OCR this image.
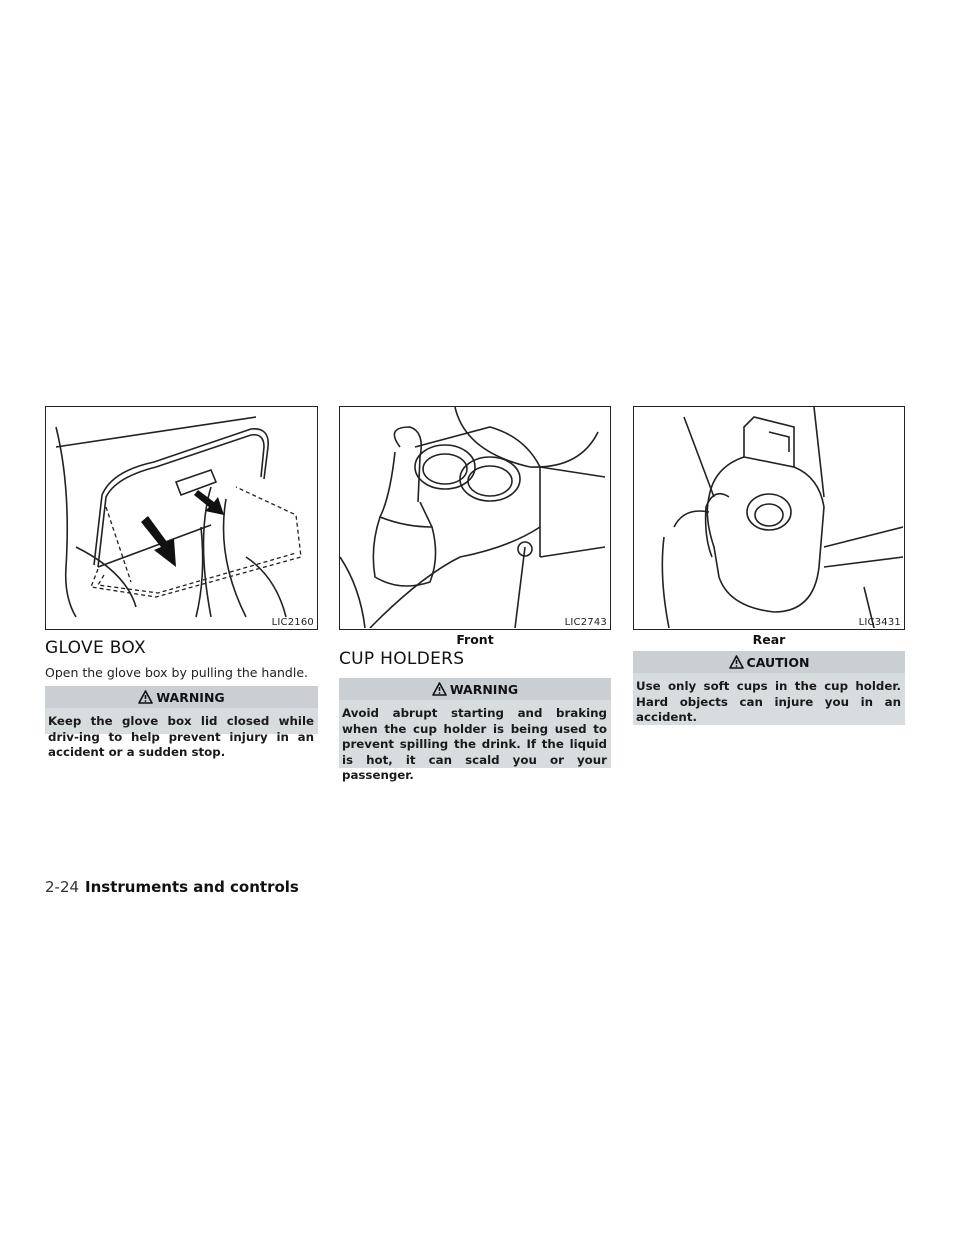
LIC2160	LIC2743
Front
LIC3431
Rear
GLOVE BOX
Open the glove box by pulling the handle.
WARNING
Keep the glove box lid closed while driv-ing to help prevent injury in an accident or a sudden stop.
CUP HOLDERS
WARNING
Avoid abrupt starting and braking when the cup holder is being used to prevent spilling the drink. If the liquid is hot, it can scald you or your passenger.
CAUTION
Use only soft cups in the cup holder. Hard objects can injure you in an accident.
2-24 Instruments and controls
